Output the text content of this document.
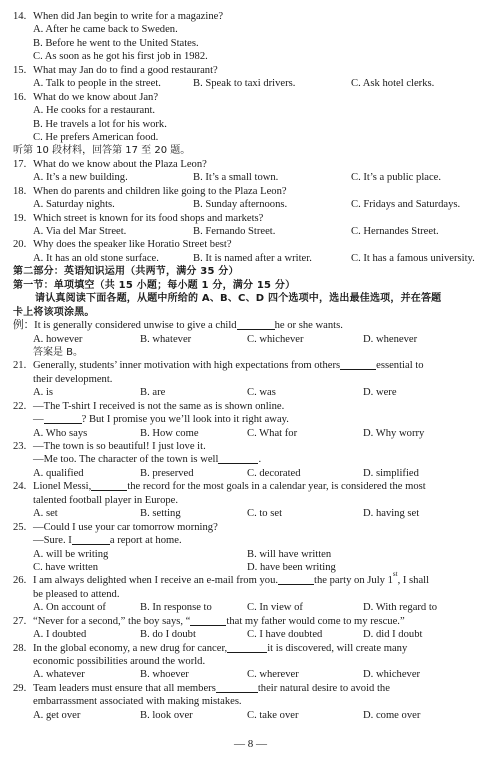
14. When did Jan begin to write for a magazine?
A. After he came back to Sweden.
B. Before he went to the United States.
C. As soon as he got his first job in 1982.
15. What may Jan do to find a good restaurant?
A. Talk to people in the street.	B. Speak to taxi drivers.	C. Ask hotel clerks.
16. What do we know about Jan?
A. He cooks for a restaurant.
B. He travels a lot for his work.
C. He prefers American food.
听第 10 段材料，回答第 17 至 20 题。
17. What do we know about the Plaza Leon?
A. It’s a new building.	B. It’s a small town.	C. It’s a public place.
18. When do parents and children like going to the Plaza Leon?
A. Saturday nights.	B. Sunday afternoons.	C. Fridays and Saturdays.
19. Which street is known for its food shops and markets?
A. Via del Mar Street.	B. Fernando Street.	C. Hernandes Street.
20. Why does the speaker like Horatio Street best?
A. It has an old stone surface.	B. It is named after a writer.	C. It has a famous university.
第二部分：英语知识运用（共两节，满分 35 分）
第一节：单项填空（共 15 小题；每小题 1 分，满分 15 分）
请认真阅读下面各题，从题中所给的 A、B、C、D 四个选项中，选出最佳选项，并在答题
卡上将该项涂黑。
例：It is generally considered unwise to give a child	he or she wants.
A. however	B. whatever	C. whichever	D. whenever
答案是 B。
21. Generally, students’ inner motivation with high expectations from others	essential to
their development.
A. is	B. are	C. was	D. were
22. —The T-shirt I received is not the same as is shown online.
—	? But I promise you we’ll look into it right away.
A. Who says	B. How come	C. What for	D. Why worry
23. —The town is so beautiful! I just love it.
—Me too. The character of the town is well	.
A. qualified	B. preserved	C. decorated	D. simplified
24. Lionel Messi,	the record for the most goals in a calendar year, is considered the most
talented football player in Europe.
A. set	B. setting	C. to set	D. having set
25. —Could I use your car tomorrow morning?
—Sure. I	a report at home.
A. will be writing	B. will have written
C. have written	D. have been writing
26. I am always delighted when I receive an e-mail from you.	the party on July 1
st
, I shall
be pleased to attend.
A. On account of	B. In response to	C. In view of	D. With regard to
27. “Never for a second,” the boy says, “	that my father would come to my rescue.”
A. I doubted	B. do I doubt	C. I have doubted	D. did I doubt
28. In the global economy, a new drug for cancer,	it is discovered, will create many
economic possibilities around the world.
A. whatever	B. whoever	C. wherever	D. whichever
29. Team leaders must ensure that all members	their natural desire to avoid the
embarrassment associated with making mistakes.
A. get over	B. look over	C. take over	D. come over
— 8 —
